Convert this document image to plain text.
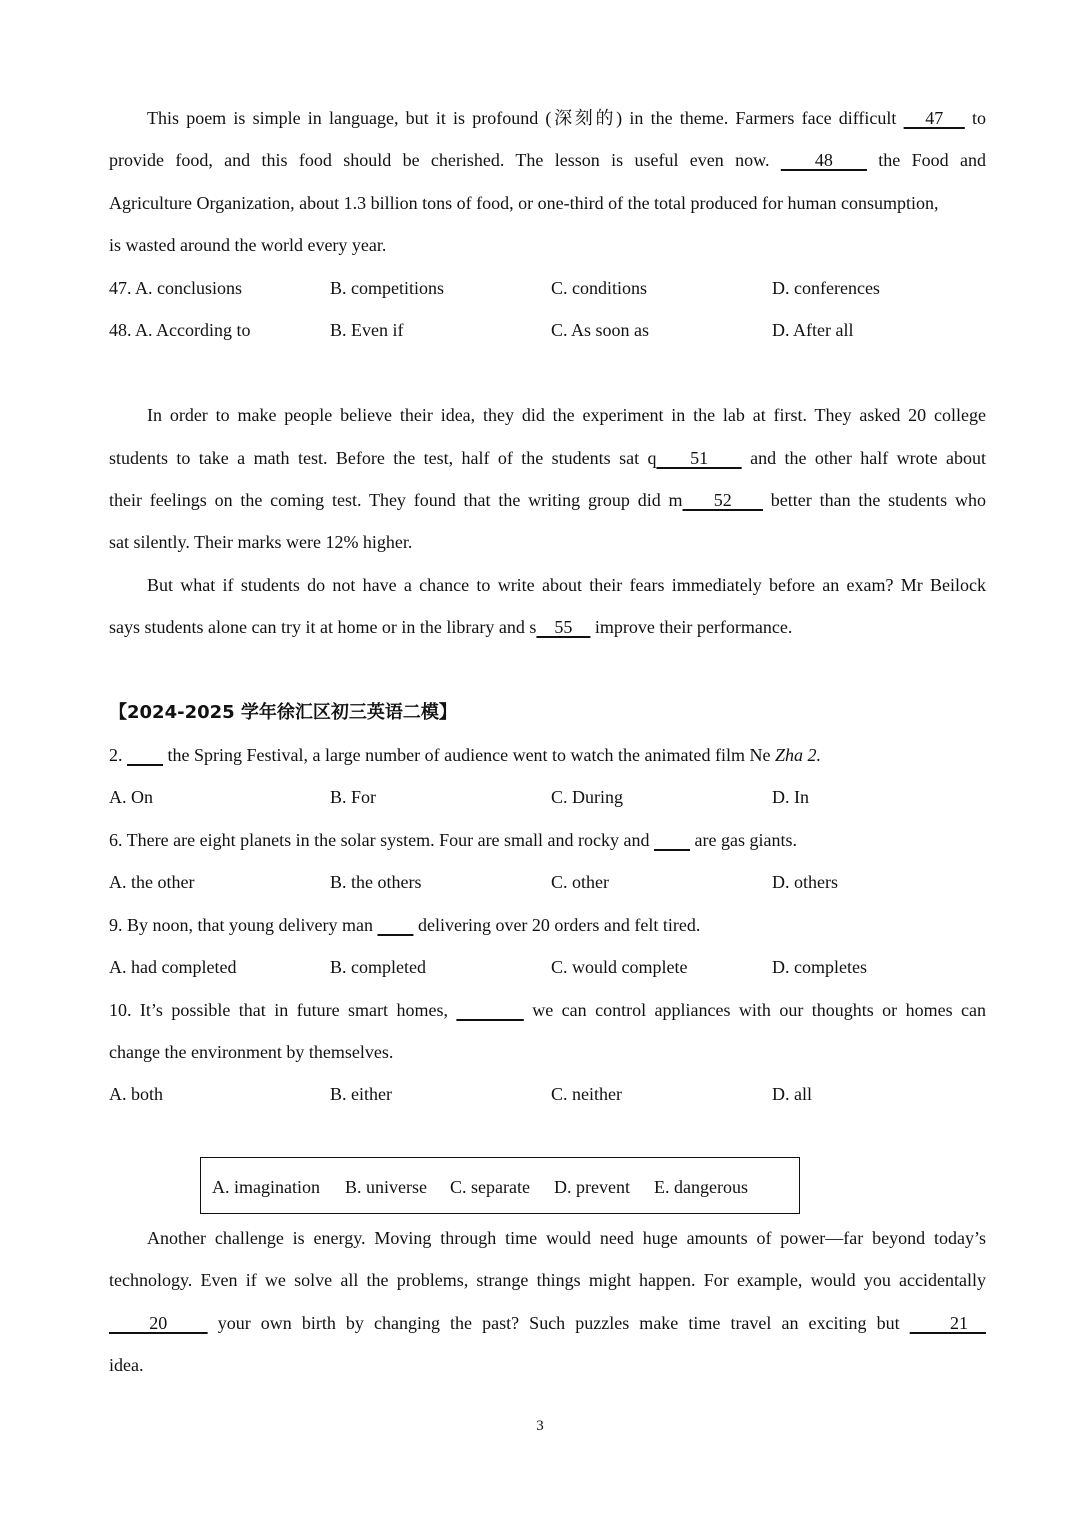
This poem is simple in language, but it is profound (深刻的) in the theme. Farmers face difficult    47    to
provide food, and this food should be cherished. The lesson is useful even now.    48    the Food and
Agriculture Organization, about 1.3 billion tons of food, or one-third of the total produced for human consumption,
is wasted around the world every year.
47. A. conclusions	B. competitions	C. conditions	D. conferences
48. A. According to	B. Even if	C. As soon as	D. After all
In order to make people believe their idea, they did the experiment in the lab at first. They asked 20 college
students to take a math test. Before the test, half of the students sat q    51     and the other half wrote about
their feelings on the coming test. They found that the writing group did m    52     better than the students who
sat silently. Their marks were 12% higher.
But what if students do not have a chance to write about their fears immediately before an exam? Mr Beilock
says students alone can try it at home or in the library and s    55     improve their performance.
【2024-2025 学年徐汇区初三英语二模】
2.          the Spring Festival, a large number of audience went to watch the animated film Ne Zha 2.
A. On	B. For	C. During	D. In
6. There are eight planets in the solar system. Four are small and rocky and          are gas giants.
A. the other	B. the others	C. other	D. others
9. By noon, that young delivery man          delivering over 20 orders and felt tired.
A. had completed	B. completed	C. would complete	D. completes
10. It’s possible that in future smart homes,	we can control appliances with our thoughts or homes can
change the environment by themselves.
A. both	B. either	C. neither	D. all
A. imagination B. universe C. separate D. prevent E. dangerous
Another challenge is energy. Moving through time would need huge amounts of power—far beyond today’s
technology. Even if we solve all the problems, strange things might happen. For example, would you accidentally
20     your own birth by changing the past? Such puzzles make time travel an exciting but     21
idea.
3
